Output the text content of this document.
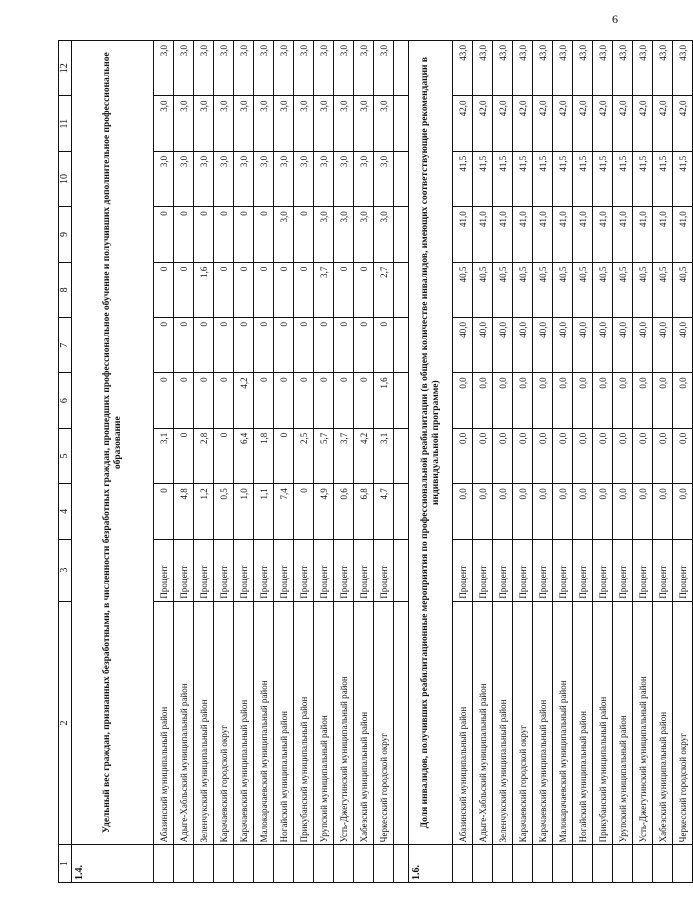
6
1	2	3	4	5	6	7	8	9	10	11	12
1.4.	Удельный вес граждан, признанных безработными, в численности безработных граждан, прошедших профессиональное обучение и получивших дополнительное профессиональное образование										
	Абазинский муниципальный район	Процент	0	3,1	0	0	0	0	3,0	3,0	3,0
	Адыге-Хабльский муниципальный район	Процент	4,8	0	0	0	0	0	3,0	3,0	3,0
	Зеленчукский муниципальный район	Процент	1,2	2,8	0	0	1,6	0	3,0	3,0	3,0
	Карачаевский городской округ	Процент	0,5	0	0	0	0	0	3,0	3,0	3,0
	Карачаевский муниципальный район	Процент	1,0	6,4	4,2	0	0	0	3,0	3,0	3,0
	Малокарачаевский муниципальный район	Процент	1,1	1,8	0	0	0	0	3,0	3,0	3,0
	Ногайский муниципальный район	Процент	7,4	0	0	0	0	3,0	3,0	3,0	3,0
	Прикубанский муниципальный район	Процент	0	2,5	0	0	0	0	3,0	3,0	3,0
	Урупский муниципальный район	Процент	4,9	5,7	0	0	3,7	3,0	3,0	3,0	3,0
	Усть-Джегутинский муниципальный район	Процент	0,6	3,7	0	0	0	3,0	3,0	3,0	3,0
	Хабезский муниципальный район	Процент	6,8	4,2	0	0	0	3,0	3,0	3,0	3,0
	Черкесский городской округ	Процент	4,7	3,1	1,6	0	2,7	3,0	3,0	3,0	3,0

1.6.	Доля инвалидов, получивших реабилитационные мероприятия по профессиональной реабилитации (в общем количестве инвалидов, имеющих соответствующие рекомендации в индивидуальной программе)										
	Абазинский муниципальный район	Процент	0,0	0,0	0,0	40,0	40,5	41,0	41,5	42,0	43,0
	Адыге-Хабльский муниципальный район	Процент	0,0	0,0	0,0	40,0	40,5	41,0	41,5	42,0	43,0
	Зеленчукский муниципальный район	Процент	0,0	0,0	0,0	40,0	40,5	41,0	41,5	42,0	43,0
	Карачаевский городской округ	Процент	0,0	0,0	0,0	40,0	40,5	41,0	41,5	42,0	43,0
	Карачаевский муниципальный район	Процент	0,0	0,0	0,0	40,0	40,5	41,0	41,5	42,0	43,0
	Малокарачаевский муниципальный район	Процент	0,0	0,0	0,0	40,0	40,5	41,0	41,5	42,0	43,0
	Ногайский муниципальный район	Процент	0,0	0,0	0,0	40,0	40,5	41,0	41,5	42,0	43,0
	Прикубанский муниципальный район	Процент	0,0	0,0	0,0	40,0	40,5	41,0	41,5	42,0	43,0
	Урупский муниципальный район	Процент	0,0	0,0	0,0	40,0	40,5	41,0	41,5	42,0	43,0
	Усть-Джегутинский муниципальный район	Процент	0,0	0,0	0,0	40,0	40,5	41,0	41,5	42,0	43,0
	Хабезский муниципальный район	Процент	0,0	0,0	0,0	40,0	40,5	41,0	41,5	42,0	43,0
	Черкесский городской округ	Процент	0,0	0,0	0,0	40,0	40,5	41,0	41,5	42,0	43,0
